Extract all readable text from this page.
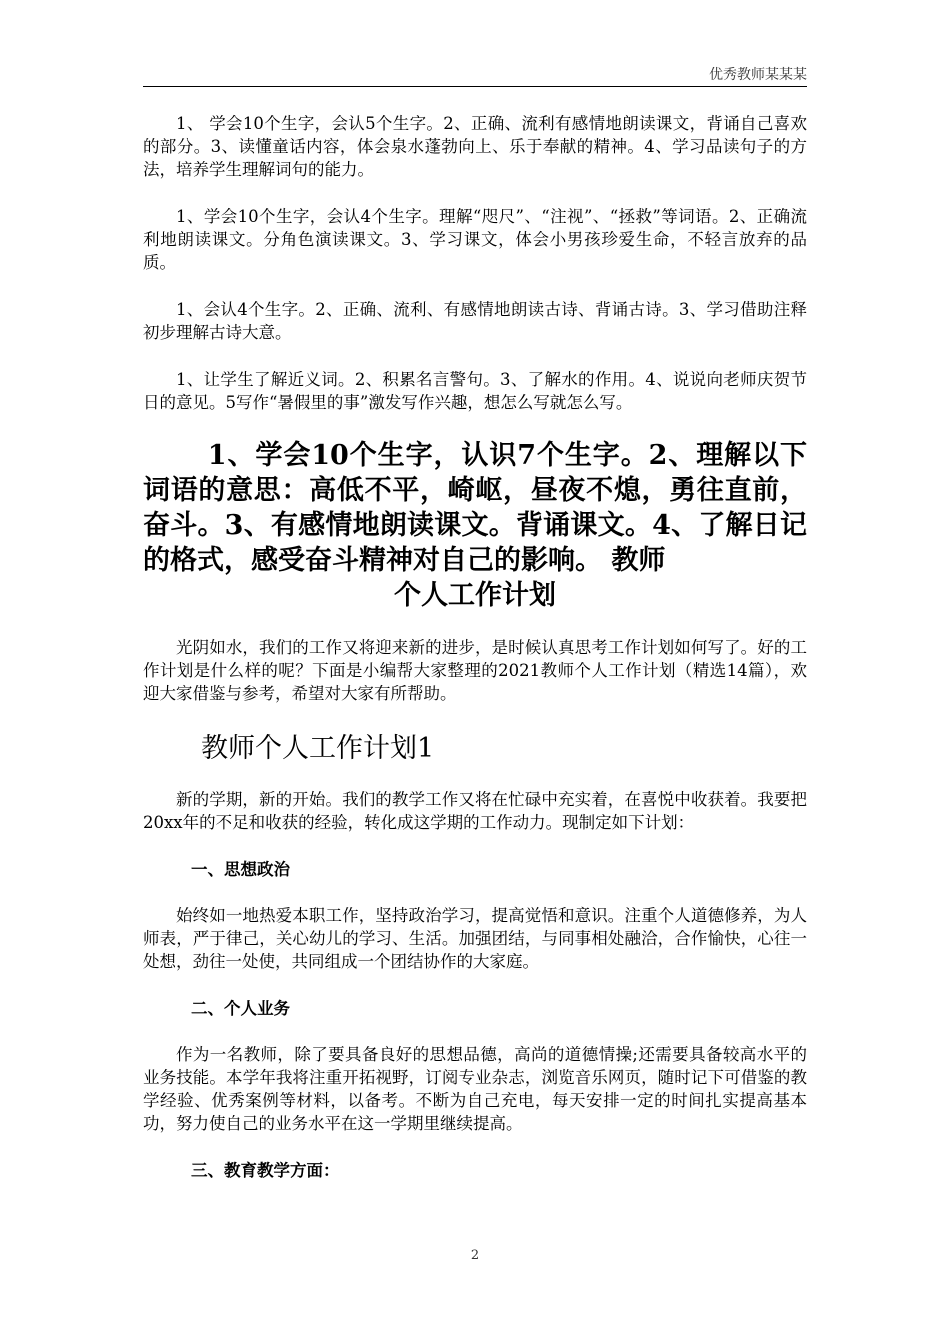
优秀教师某某某

1、 学会10个生字，会认5个生字。2、正确、流利有感情地朗读课文，背诵自己喜欢的部分。3、读懂童话内容，体会泉水蓬勃向上、乐于奉献的精神。4、学习品读句子的方法，培养学生理解词句的能力。

1、学会10个生字，会认4个生字。理解“咫尺”、“注视”、“拯救”等词语。2、正确流利地朗读课文。分角色演读课文。3、学习课文，体会小男孩珍爱生命，不轻言放弃的品质。

1、会认4个生字。2、正确、流利、有感情地朗读古诗、背诵古诗。3、学习借助注释初步理解古诗大意。

1、让学生了解近义词。2、积累名言警句。3、了解水的作用。4、说说向老师庆贺节日的意见。5写作“暑假里的事”激发写作兴趣，想怎么写就怎么写。

1、学会10个生字，认识7个生字。2、理解以下词语的意思：高低不平，崎岖，昼夜不熄，勇往直前，奋斗。3、有感情地朗读课文。背诵课文。4、了解日记的格式，感受奋斗精神对自己的影响。 教师
个人工作计划

光阴如水，我们的工作又将迎来新的进步，是时候认真思考工作计划如何写了。好的工作计划是什么样的呢？下面是小编帮大家整理的2021教师个人工作计划（精选14篇），欢迎大家借鉴与参考，希望对大家有所帮助。

教师个人工作计划1

新的学期，新的开始。我们的教学工作又将在忙碌中充实着，在喜悦中收获着。我要把20xx年的不足和收获的经验，转化成这学期的工作动力。现制定如下计划：

一、思想政治

始终如一地热爱本职工作，坚持政治学习，提高觉悟和意识。注重个人道德修养，为人师表，严于律己，关心幼儿的学习、生活。加强团结，与同事相处融洽，合作愉快，心往一处想，劲往一处使，共同组成一个团结协作的大家庭。

二、个人业务

作为一名教师，除了要具备良好的思想品德，高尚的道德情操;还需要具备较高水平的业务技能。本学年我将注重开拓视野，订阅专业杂志，浏览音乐网页，随时记下可借鉴的教学经验、优秀案例等材料，以备考。不断为自己充电，每天安排一定的时间扎实提高基本功，努力使自己的业务水平在这一学期里继续提高。

三、教育教学方面：
2
